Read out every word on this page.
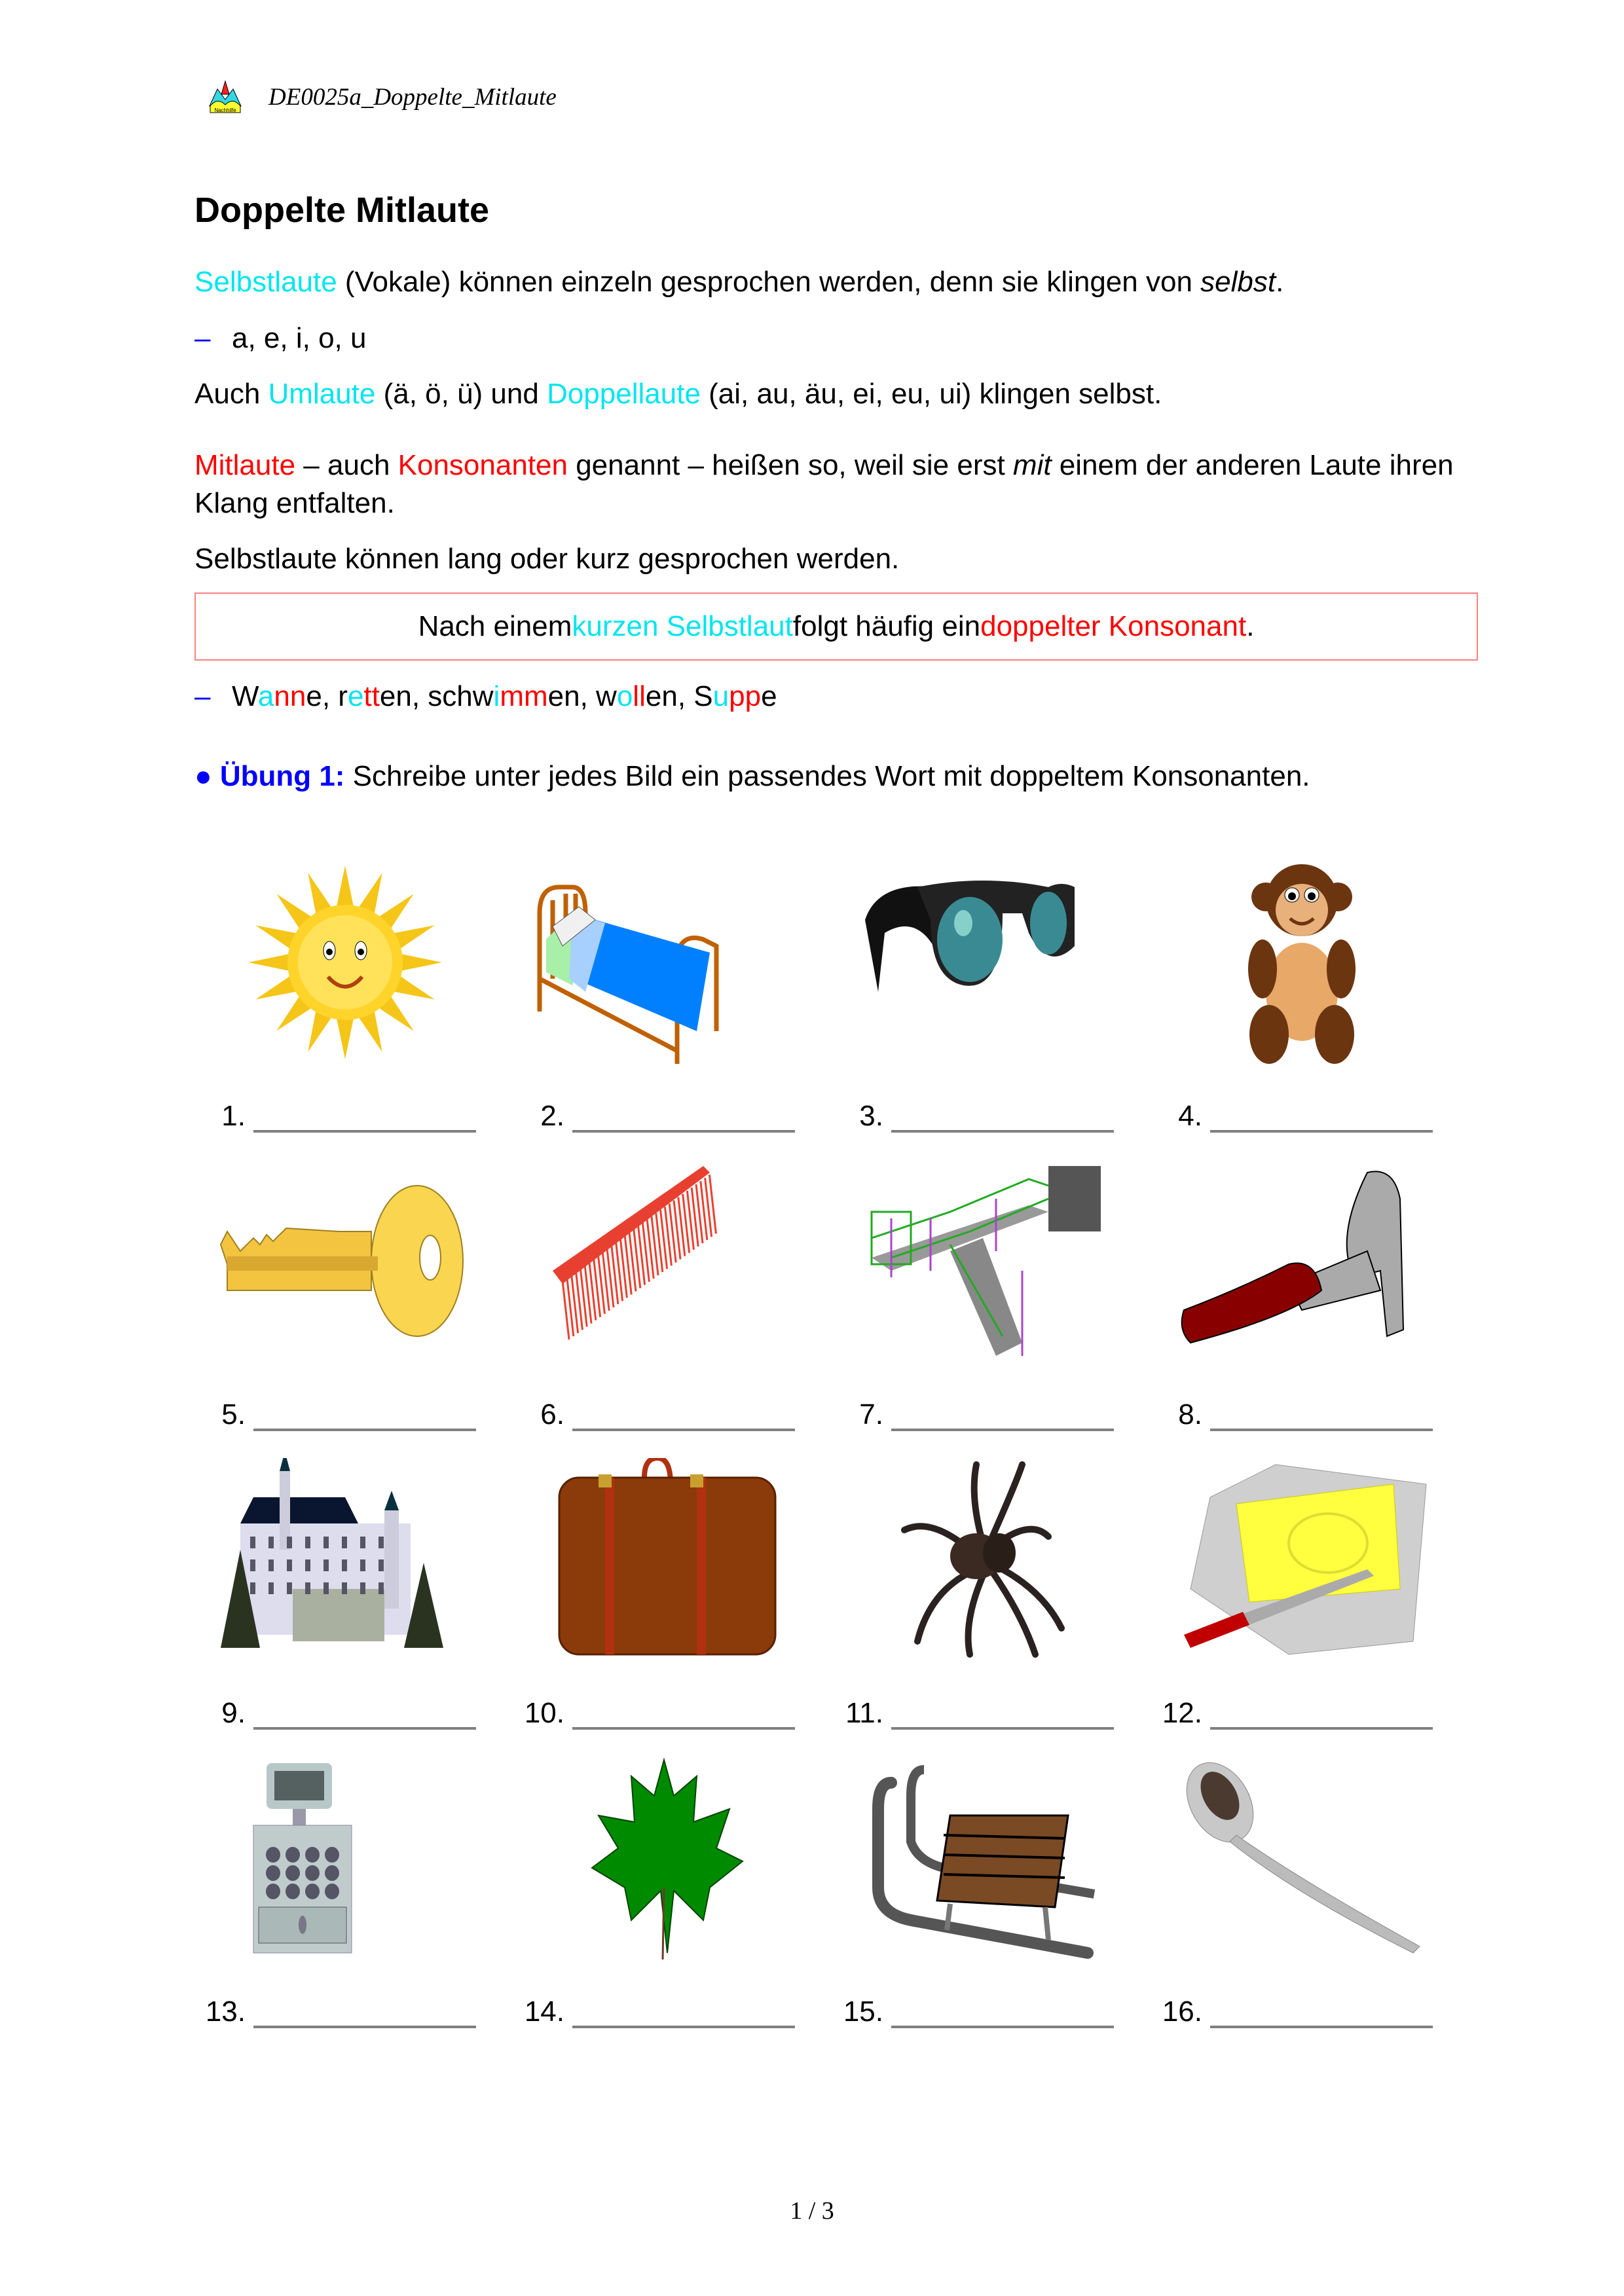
Nachhilfe DE0025a_Doppelte_Mitlaute
Doppelte Mitlaute
Selbstlaute (Vokale) können einzeln gesprochen werden, denn sie klingen von selbst.
– a, e, i, o, u
Auch Umlaute (ä, ö, ü) und Doppellaute (ai, au, äu, ei, eu, ui) klingen selbst.
Mitlaute – auch Konsonanten genannt – heißen so, weil sie erst mit einem der anderen Laute ihren Klang entfalten.
Selbstlaute können lang oder kurz gesprochen werden.
Nach einem kurzen Selbstlaut folgt häufig ein doppelter Konsonant .
– Wanne, retten, schwimmen, wollen, Suppe
● Übung 1: Schreibe unter jedes Bild ein passendes Wort mit doppeltem Konsonanten.
1.	2.	3.	4.
5.	6.	7.	8.
9.	10.	11.	12.
13.	14.	15.	16.
1 / 3
